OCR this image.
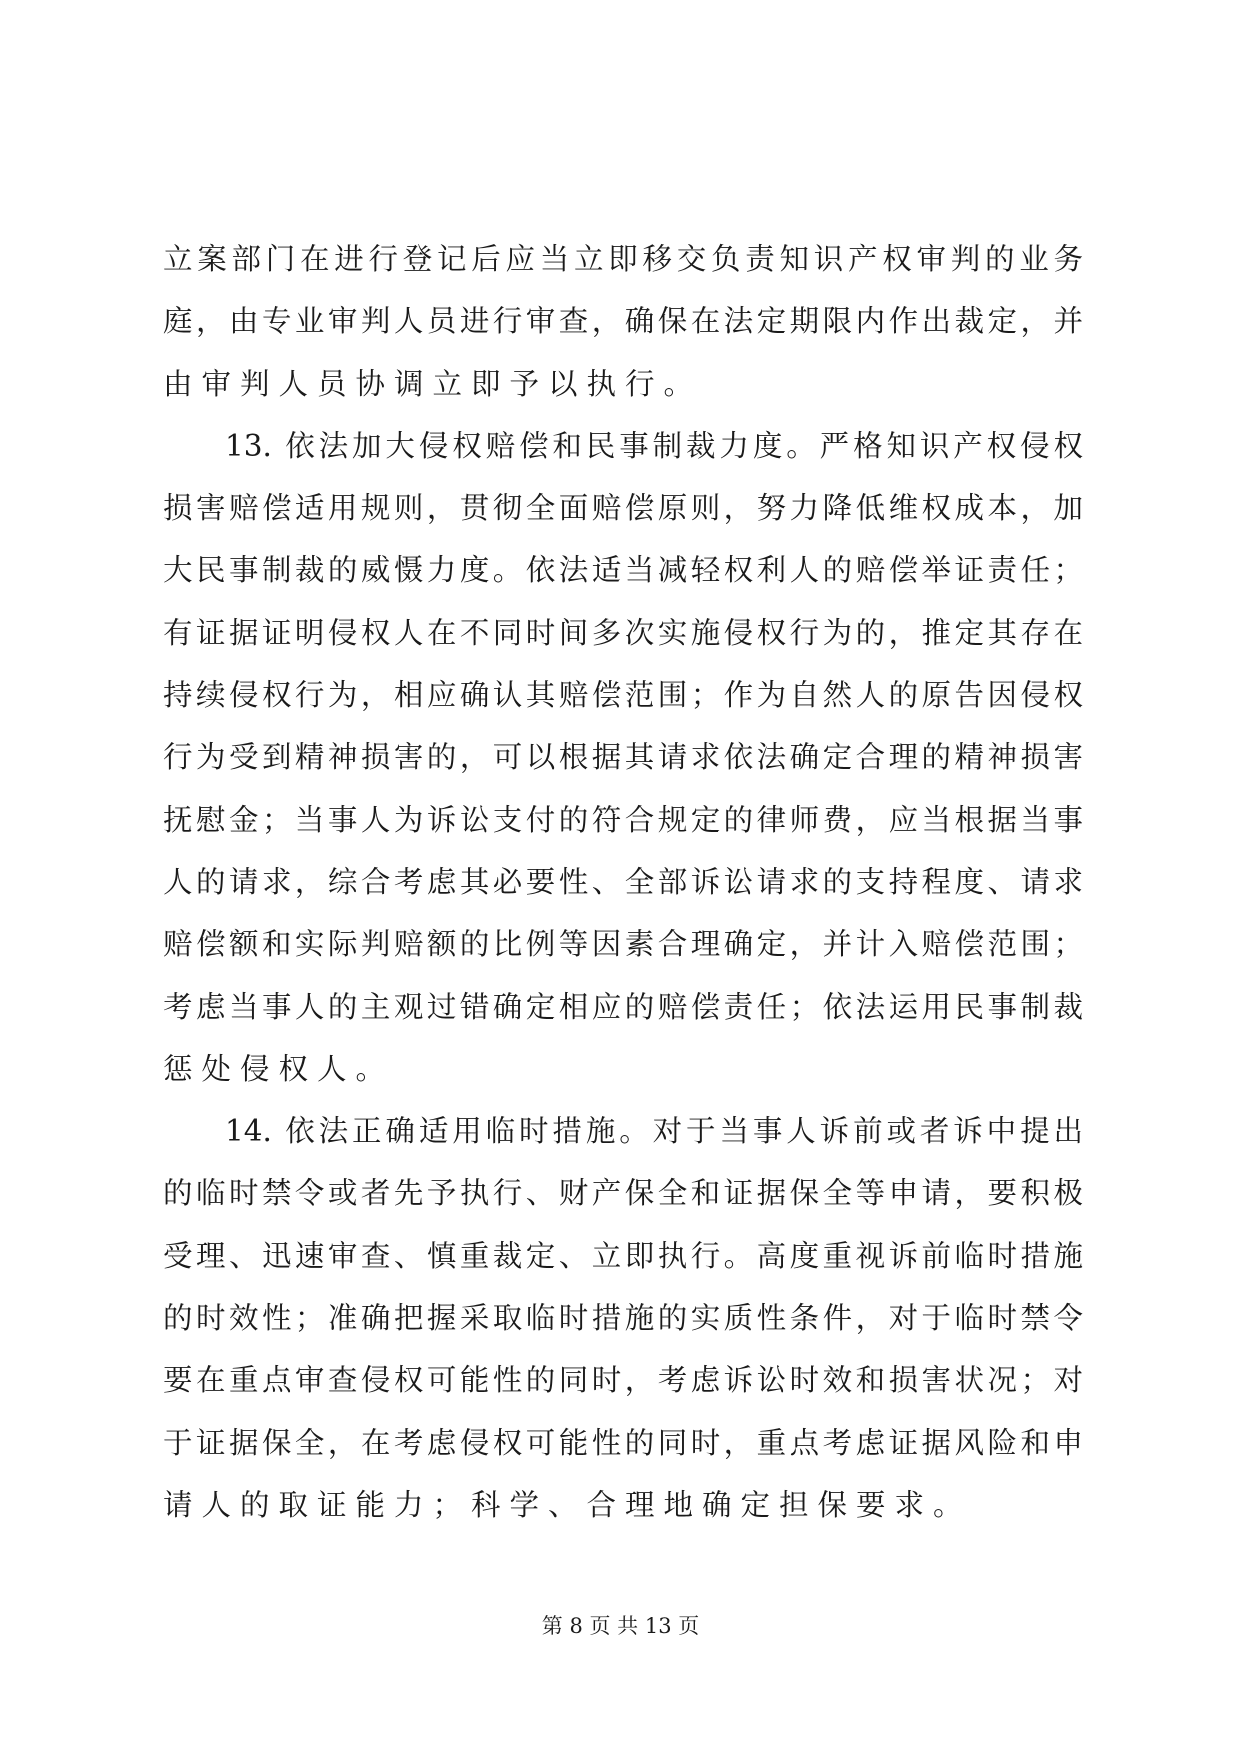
立案部门在进行登记后应当立即移交负责知识产权审判的业务
庭，由专业审判人员进行审查，确保在法定期限内作出裁定，并
由审判人员协调立即予以执行。
13. 依法加大侵权赔偿和民事制裁力度。严格知识产权侵权
损害赔偿适用规则，贯彻全面赔偿原则，努力降低维权成本，加
大民事制裁的威慑力度。依法适当减轻权利人的赔偿举证责任；
有证据证明侵权人在不同时间多次实施侵权行为的，推定其存在
持续侵权行为，相应确认其赔偿范围；作为自然人的原告因侵权
行为受到精神损害的，可以根据其请求依法确定合理的精神损害
抚慰金；当事人为诉讼支付的符合规定的律师费，应当根据当事
人的请求，综合考虑其必要性、全部诉讼请求的支持程度、请求
赔偿额和实际判赔额的比例等因素合理确定，并计入赔偿范围；
考虑当事人的主观过错确定相应的赔偿责任；依法运用民事制裁
惩处侵权人。
14. 依法正确适用临时措施。对于当事人诉前或者诉中提出
的临时禁令或者先予执行、财产保全和证据保全等申请，要积极
受理、迅速审查、慎重裁定、立即执行。高度重视诉前临时措施
的时效性；准确把握采取临时措施的实质性条件，对于临时禁令
要在重点审查侵权可能性的同时，考虑诉讼时效和损害状况；对
于证据保全，在考虑侵权可能性的同时，重点考虑证据风险和申
请人的取证能力；科学、合理地确定担保要求。
第 8 页 共 13 页
